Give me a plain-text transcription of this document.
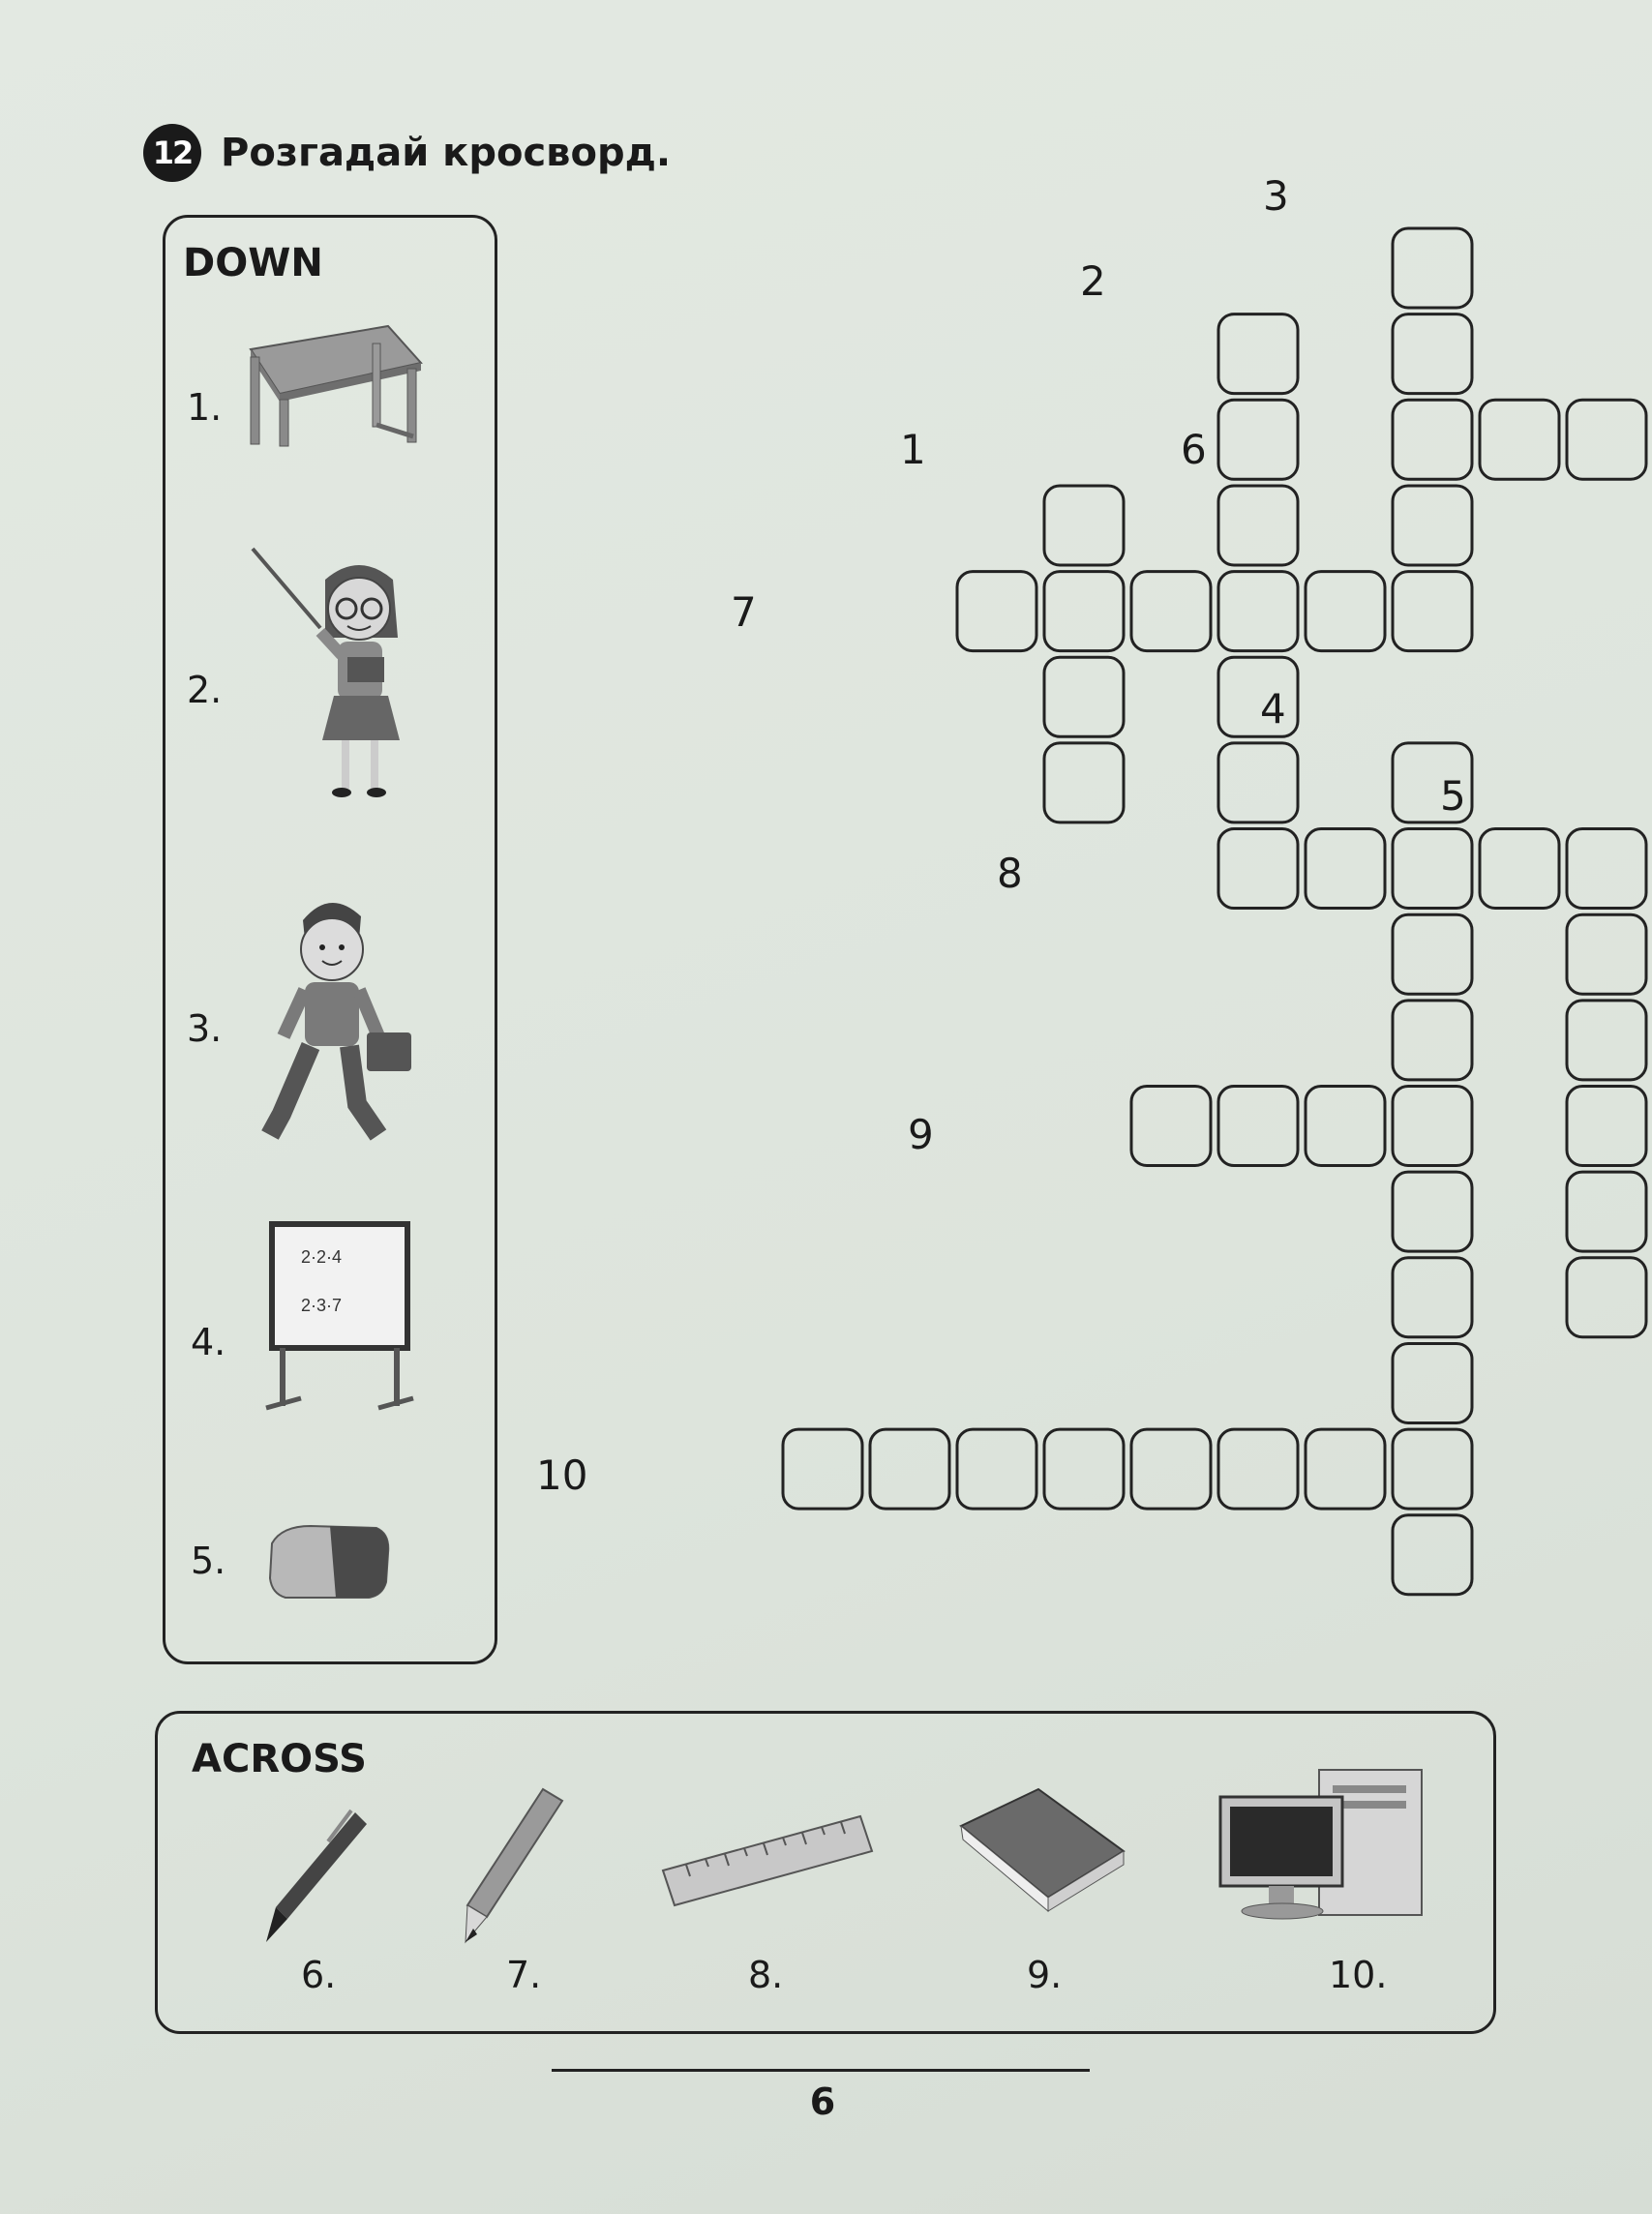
12 Розгадай кросворд.
DOWN
1.
2.
3.
4.
2·2·4
2·3·7
5.
ACROSS
6.	7.	8.	9.	10.
1
2
3
4
5
6
7
8
9
10
6
